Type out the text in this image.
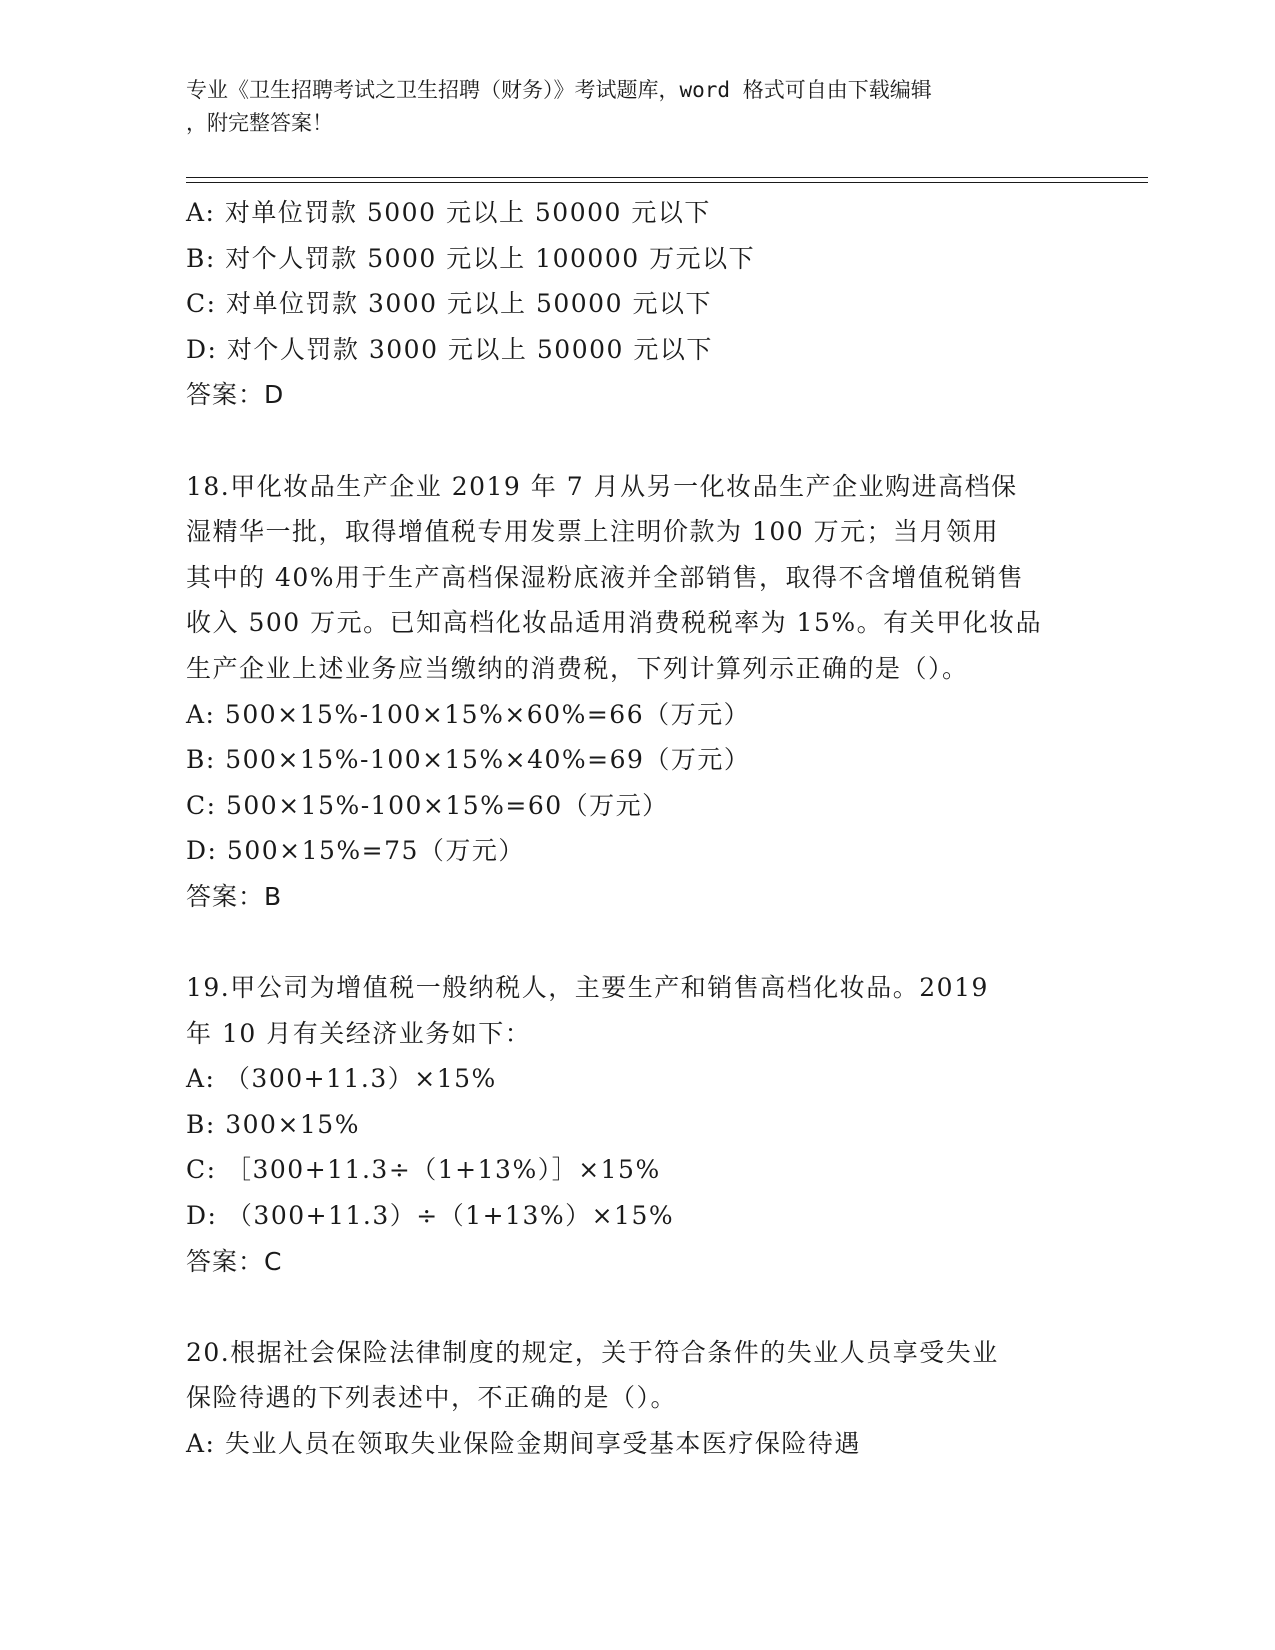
专业《卫生招聘考试之卫生招聘（财务）》考试题库，word 格式可自由下载编辑
，附完整答案！
A: 对单位罚款 5000 元以上 50000 元以下
B: 对个人罚款 5000 元以上 100000 万元以下
C: 对单位罚款 3000 元以上 50000 元以下
D: 对个人罚款 3000 元以上 50000 元以下
答案：D
18.甲化妆品生产企业 2019 年 7 月从另一化妆品生产企业购进高档保
湿精华一批，取得增值税专用发票上注明价款为 100 万元；当月领用
其中的 40%用于生产高档保湿粉底液并全部销售，取得不含增值税销售
收入 500 万元。已知高档化妆品适用消费税税率为 15%。有关甲化妆品
生产企业上述业务应当缴纳的消费税，下列计算列示正确的是（）。
A: 500×15%-100×15%×60%=66（万元）
B: 500×15%-100×15%×40%=69（万元）
C: 500×15%-100×15%=60（万元）
D: 500×15%=75（万元）
答案：B
19.甲公司为增值税一般纳税人，主要生产和销售高档化妆品。2019
年 10 月有关经济业务如下：
A: （300+11.3）×15%
B: 300×15%
C: ［300+11.3÷（1+13%）］×15%
D: （300+11.3）÷（1+13%）×15%
答案：C
20.根据社会保险法律制度的规定，关于符合条件的失业人员享受失业
保险待遇的下列表述中，不正确的是（）。
A: 失业人员在领取失业保险金期间享受基本医疗保险待遇
